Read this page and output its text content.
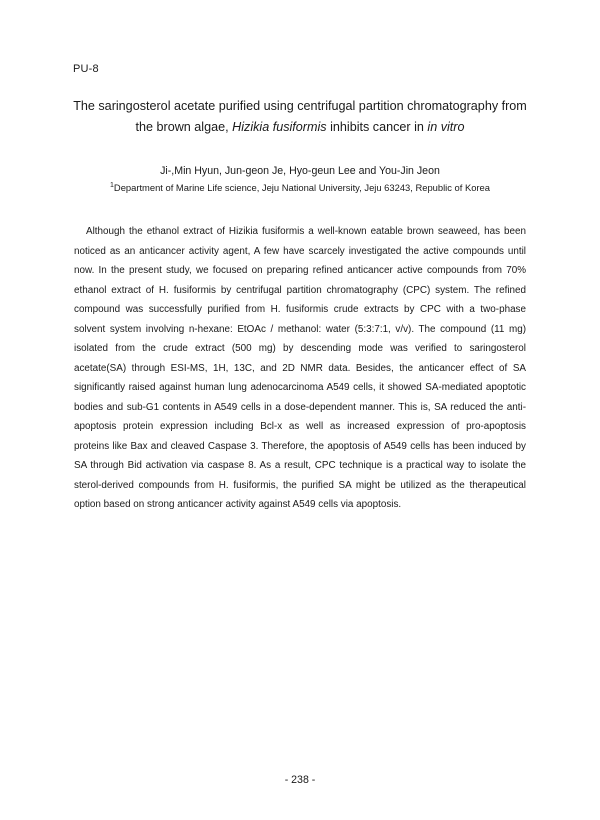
PU-8
The saringosterol acetate purified using centrifugal partition chromatography from
the brown algae, Hizikia fusiformis inhibits cancer in in vitro
Ji-,Min Hyun, Jun-geon Je, Hyo-geun Lee and You-Jin Jeon
$^1$Department of Marine Life science, Jeju National University, Jeju 63243, Republic of Korea
Although the ethanol extract of Hizikia fusiformis a well-known eatable brown seaweed, has been
noticed as an anticancer activity agent, A few have scarcely investigated the active compounds until
now. In the present study, we focused on preparing refined anticancer active compounds from 70%
ethanol extract of H. fusiformis by centrifugal partition chromatography (CPC) system. The refined
compound was successfully purified from H. fusiformis crude extracts by CPC with a two-phase
solvent system involving n-hexane: EtOAc / methanol: water (5:3:7:1, v/v). The compound (11 mg)
isolated from the crude extract (500 mg) by descending mode was verified to saringosterol
acetate(SA) through ESI-MS, 1H, 13C, and 2D NMR data. Besides, the anticancer effect of SA
significantly raised against human lung adenocarcinoma A549 cells, it showed SA-mediated apoptotic
bodies and sub-G1 contents in A549 cells in a dose-dependent manner. This is, SA reduced the anti-
apoptosis protein expression including Bcl-x as well as increased expression of pro-apoptosis
proteins like Bax and cleaved Caspase 3. Therefore, the apoptosis of A549 cells has been induced by
SA through Bid activation via caspase 8. As a result, CPC technique is a practical way to isolate the
sterol-derived compounds from H. fusiformis, the purified SA might be utilized as the therapeutical
option based on strong anticancer activity against A549 cells via apoptosis.
- 238 -
